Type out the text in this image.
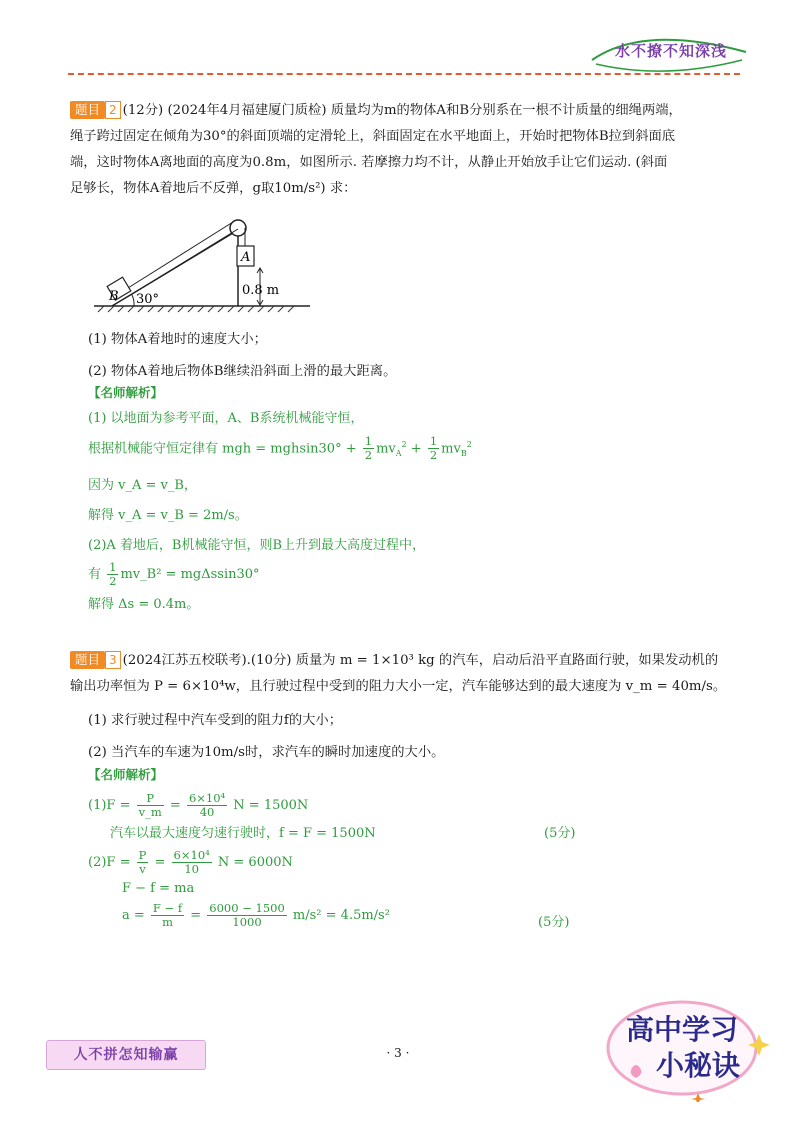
水不撩不知深浅
题目 2 (12分) (2024年4月福建厦门质检) 质量均为m的物体A和B分别系在一根不计质量的细绳两端，
绳子跨过固定在倾角为30°的斜面顶端的定滑轮上，斜面固定在水平地面上，开始时把物体B拉到斜面底
端，这时物体A离地面的高度为0.8m，如图所示. 若摩擦力均不计，从静止开始放手让它们运动. (斜面
足够长，物体A着地后不反弹，g取10m/s²) 求：
B
A
30°
0.8 m
(1) 物体A着地时的速度大小；
(2) 物体A着地后物体B继续沿斜面上滑的最大距离。
【名师解析】
(1) 以地面为参考平面，A、B系统机械能守恒，
根据机械能守恒定律有 mgh = $mghsin30^\circ + \frac{1}{2} mv_A^2 + \frac{1}{2} mv_B^2$
因为 v_A = v_B，
解得 v_A = v_B = 2m/s。
(2)A 着地后，B机械能守恒，则B上升到最大高度过程中，
有 $\frac{1}{2}$ mv_B² = mgΔssin30°
解得 Δs = 0.4m。
题目 3 (2024江苏五校联考).(10分) 质量为 m = 1×10³ kg 的汽车，启动后沿平直路面行驶，如果发动机的
输出功率恒为 P = 6×10⁴w，且行驶过程中受到的阻力大小一定，汽车能够达到的最大速度为 v_m = 40m/s。
(1) 求行驶过程中汽车受到的阻力f的大小；
(2) 当汽车的车速为10m/s时，求汽车的瞬时加速度的大小。
【名师解析】
$(1)F = \frac{P}{v\_m} = \frac{\text{6×10⁴}}{40}$ N = 1500N
汽车以最大速度匀速行驶时，f = F = 1500N	(5分)
$(2)F = \frac{P}{v} = \frac{\text{6×10⁴}}{10}$ N = 6000N
F − f = ma
$a = \frac{F - f}{m} = \frac{6000 - 1500}{1000} m/s^2 = 4.5m/s^2$	(5分)
人不拼怎知输赢	· 3 ·
高中学习
小秘诀
